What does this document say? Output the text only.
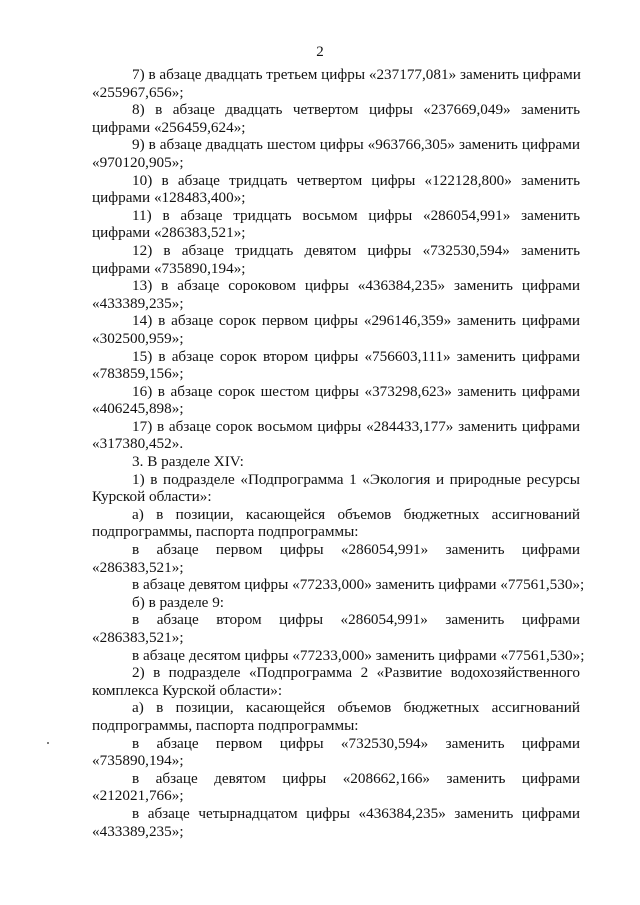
2
7) в абзаце двадцать третьем цифры «237177,081» заменить цифрами
«255967,656»;
8) в абзаце двадцать четвертом цифры «237669,049» заменить
цифрами «256459,624»;
9) в абзаце двадцать шестом цифры «963766,305» заменить цифрами
«970120,905»;
10) в абзаце тридцать четвертом цифры «122128,800» заменить
цифрами «128483,400»;
11) в абзаце тридцать восьмом цифры «286054,991» заменить
цифрами «286383,521»;
12) в абзаце тридцать девятом цифры «732530,594» заменить
цифрами «735890,194»;
13) в абзаце сороковом цифры «436384,235» заменить цифрами
«433389,235»;
14) в абзаце сорок первом цифры «296146,359» заменить цифрами
«302500,959»;
15) в абзаце сорок втором цифры «756603,111» заменить цифрами
«783859,156»;
16) в абзаце сорок шестом цифры «373298,623» заменить цифрами
«406245,898»;
17) в абзаце сорок восьмом цифры «284433,177» заменить цифрами
«317380,452».
3. В разделе XIV:
1) в подразделе «Подпрограмма 1 «Экология и природные ресурсы
Курской области»:
а) в позиции, касающейся объемов бюджетных ассигнований
подпрограммы, паспорта подпрограммы:
в абзаце первом цифры «286054,991» заменить цифрами
«286383,521»;
в абзаце девятом цифры «77233,000» заменить цифрами «77561,530»;
б) в разделе 9:
в абзаце втором цифры «286054,991» заменить цифрами
«286383,521»;
в абзаце десятом цифры «77233,000» заменить цифрами «77561,530»;
2) в подразделе «Подпрограмма 2 «Развитие водохозяйственного
комплекса Курской области»:
а) в позиции, касающейся объемов бюджетных ассигнований
подпрограммы, паспорта подпрограммы:
в абзаце первом цифры «732530,594» заменить цифрами
«735890,194»;
в абзаце девятом цифры «208662,166» заменить цифрами
«212021,766»;
в абзаце четырнадцатом цифры «436384,235» заменить цифрами
«433389,235»;
